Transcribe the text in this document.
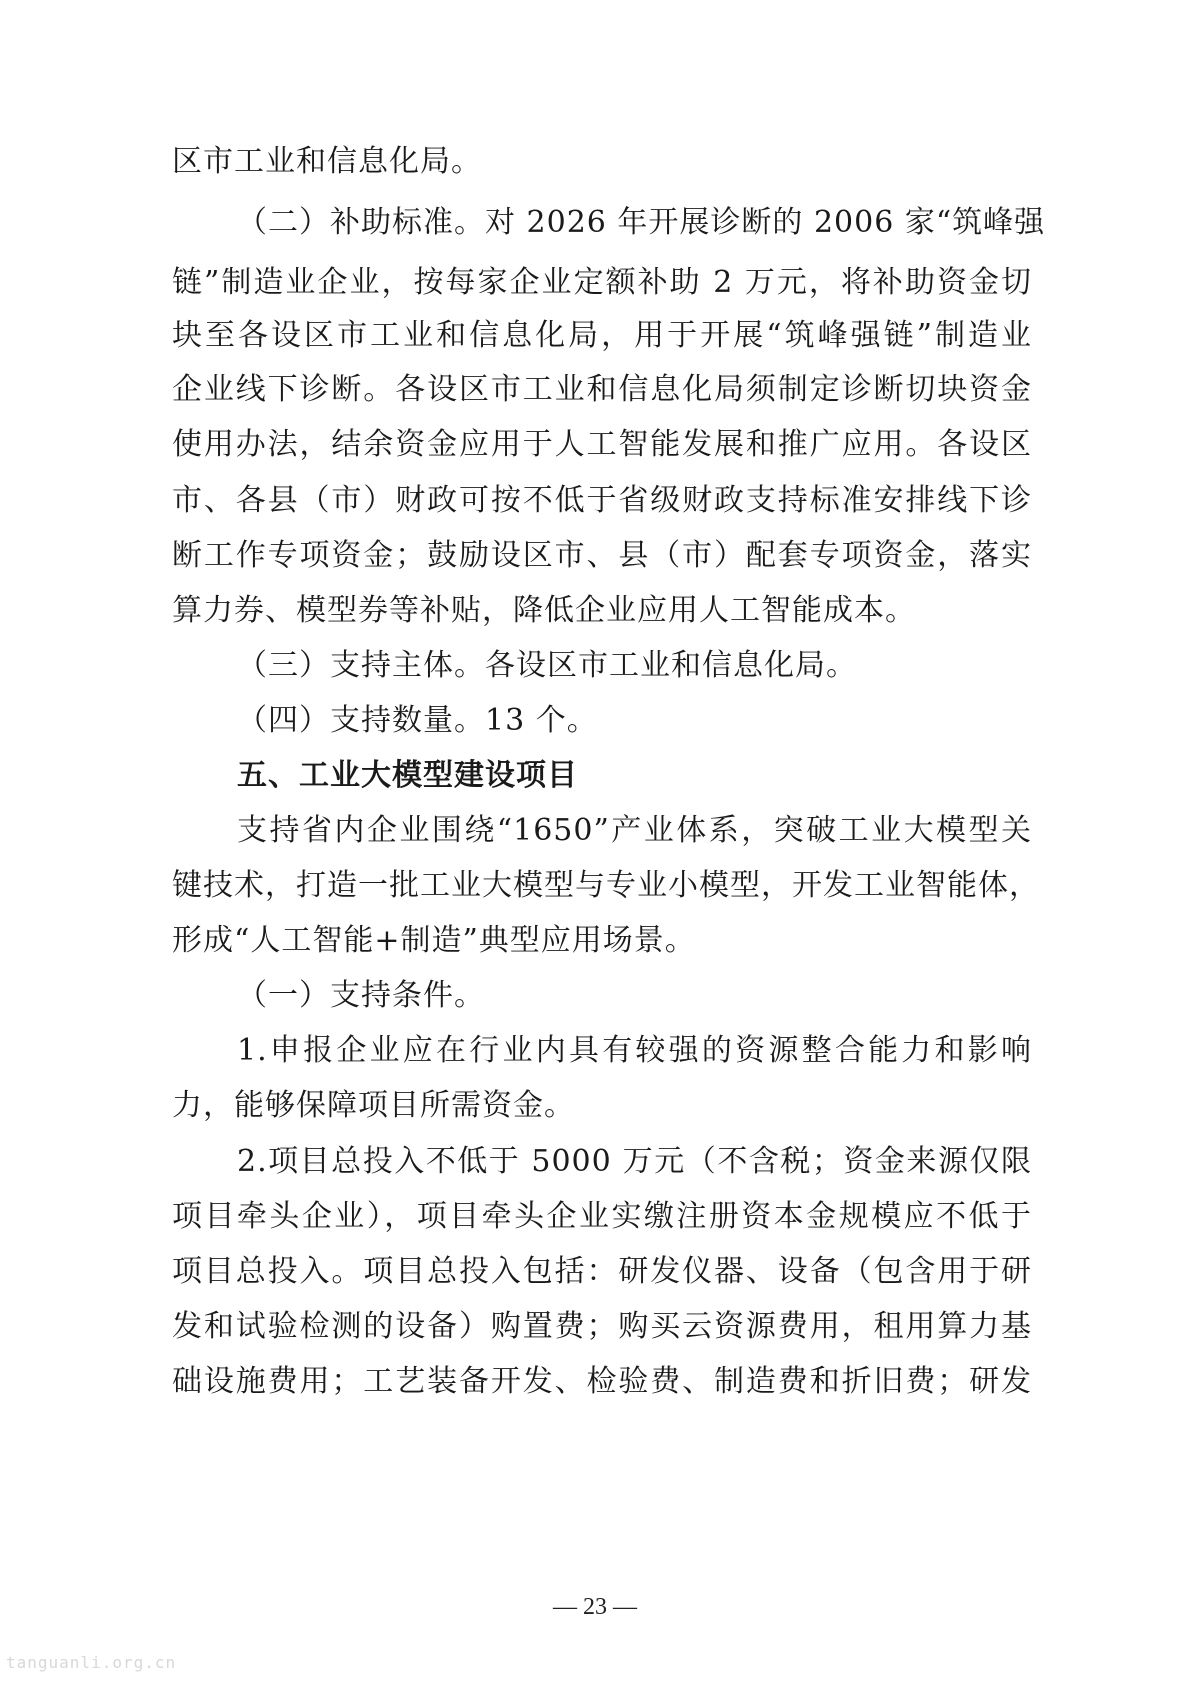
区市工业和信息化局。
（二）补助标准。对 2026 年开展诊断的 2006 家“筑峰强
链”制造业企业，按每家企业定额补助 2 万元，将补助资金切
块至各设区市工业和信息化局，用于开展“筑峰强链”制造业
企业线下诊断。各设区市工业和信息化局须制定诊断切块资金
使用办法，结余资金应用于人工智能发展和推广应用。各设区
市、各县（市）财政可按不低于省级财政支持标准安排线下诊
断工作专项资金；鼓励设区市、县（市）配套专项资金，落实
算力券、模型券等补贴，降低企业应用人工智能成本。
（三）支持主体。各设区市工业和信息化局。
（四）支持数量。13 个。
五、工业大模型建设项目
支持省内企业围绕“1650”产业体系，突破工业大模型关
键技术，打造一批工业大模型与专业小模型，开发工业智能体，
形成“人工智能+制造”典型应用场景。
（一）支持条件。
1.申报企业应在行业内具有较强的资源整合能力和影响
力，能够保障项目所需资金。
2.项目总投入不低于 5000 万元（不含税；资金来源仅限
项目牵头企业），项目牵头企业实缴注册资本金规模应不低于
项目总投入。项目总投入包括：研发仪器、设备（包含用于研
发和试验检测的设备）购置费；购买云资源费用，租用算力基
础设施费用；工艺装备开发、检验费、制造费和折旧费；研发
— 23 —
tanguanli.org.cn
